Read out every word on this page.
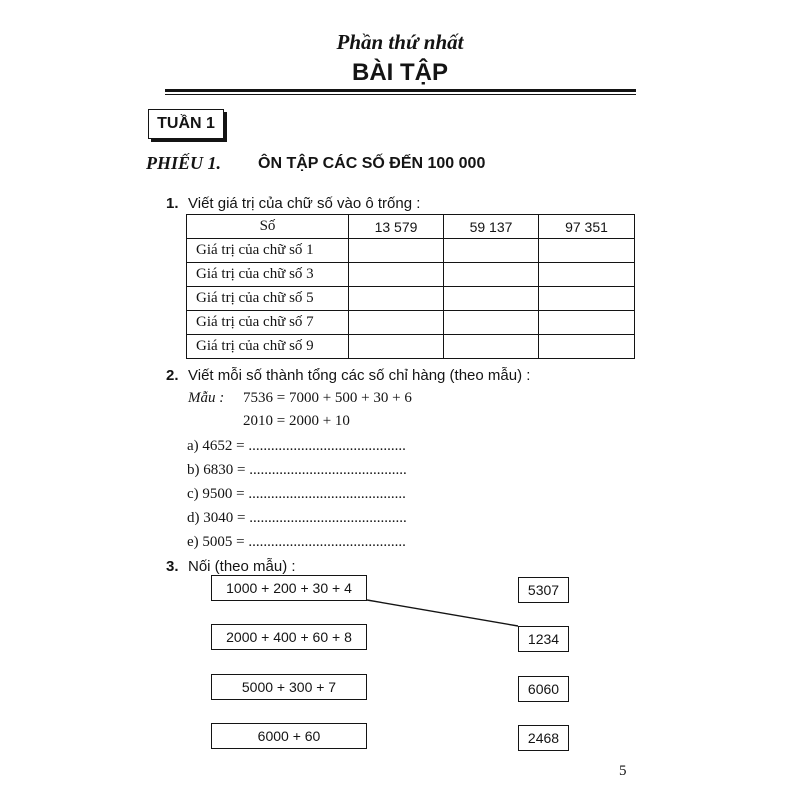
Phần thứ nhất
BÀI TẬP
TUẦN 1
PHIẾU 1. ÔN TẬP CÁC SỐ ĐẾN 100 000
1. Viết giá trị của chữ số vào ô trống :
Số	13 579	59 137	97 351
Giá trị của chữ số 1			
Giá trị của chữ số 3			
Giá trị của chữ số 5			
Giá trị của chữ số 7			
Giá trị của chữ số 9			
2. Viết mỗi số thành tổng các số chỉ hàng (theo mẫu) :
Mẫu : 7536 = 7000 + 500 + 30 + 6
2010 = 2000 + 10
a) 4652 = ..........................................
b) 6830 = ..........................................
c) 9500 = ..........................................
d) 3040 = ..........................................
e) 5005 = ..........................................
3. Nối (theo mẫu) :
1000 + 200 + 30 + 4
2000 + 400 + 60 + 8
5000 + 300 + 7
6000 + 60
5307
1234
6060
2468
5
